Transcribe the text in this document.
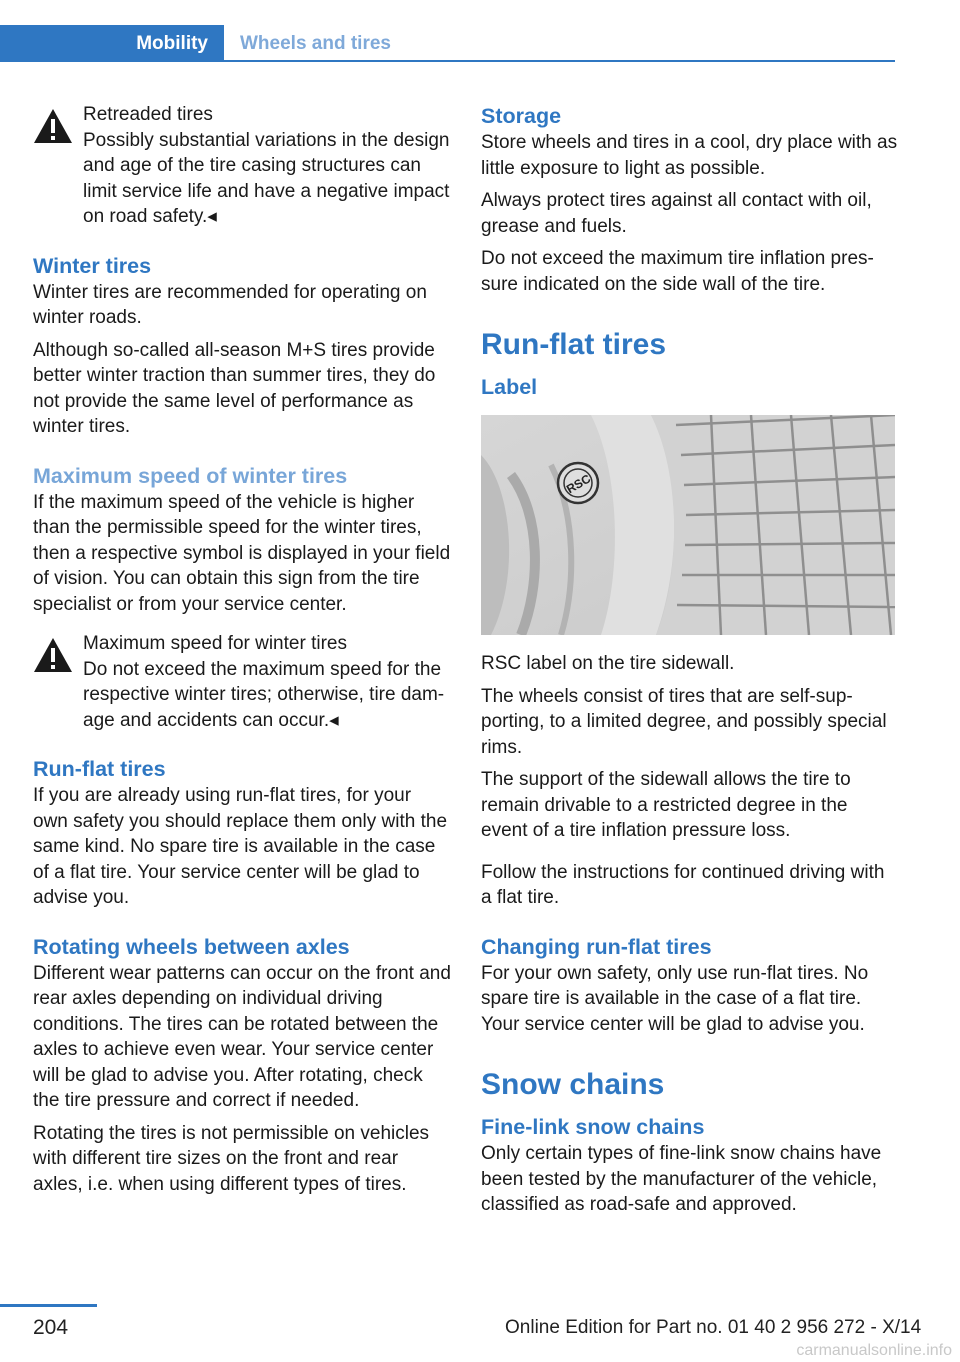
Mobility Wheels and tires

Retreaded tires
Possibly substantial variations in the design and age of the tire casing structures can limit service life and have a negative impact on road safety.◂

Winter tires

Winter tires are recommended for operating on winter roads.

Although so-called all-season M+S tires provide better winter traction than summer tires, they do not provide the same level of performance as winter tires.

Maximum speed of winter tires

If the maximum speed of the vehicle is higher than the permissible speed for the winter tires, then a respective symbol is displayed in your field of vision. You can obtain this sign from the tire specialist or from your service center.

Maximum speed for winter tires
Do not exceed the maximum speed for the respective winter tires; otherwise, tire damage and accidents can occur.◂

Run-flat tires

If you are already using run-flat tires, for your own safety you should replace them only with the same kind. No spare tire is available in the case of a flat tire. Your service center will be glad to advise you.

Rotating wheels between axles

Different wear patterns can occur on the front and rear axles depending on individual driving conditions. The tires can be rotated between the axles to achieve even wear. Your service center will be glad to advise you. After rotating, check the tire pressure and correct if needed.

Rotating the tires is not permissible on vehicles with different tire sizes on the front and rear axles, i.e. when using different types of tires.

Storage

Store wheels and tires in a cool, dry place with as little exposure to light as possible.

Always protect tires against all contact with oil, grease and fuels.

Do not exceed the maximum tire inflation pressure indicated on the side wall of the tire.

Run-flat tires
Label
RSC

RSC label on the tire sidewall.

The wheels consist of tires that are self-supporting, to a limited degree, and possibly special rims.

The support of the sidewall allows the tire to remain drivable to a restricted degree in the event of a tire inflation pressure loss.

Follow the instructions for continued driving with a flat tire.

Changing run-flat tires

For your own safety, only use run-flat tires. No spare tire is available in the case of a flat tire. Your service center will be glad to advise you.

Snow chains
Fine-link snow chains

Only certain types of fine-link snow chains have been tested by the manufacturer of the vehicle, classified as road-safe and approved.

204	Online Edition for Part no. 01 40 2 956 272 - X/14
carmanualsonline.info
